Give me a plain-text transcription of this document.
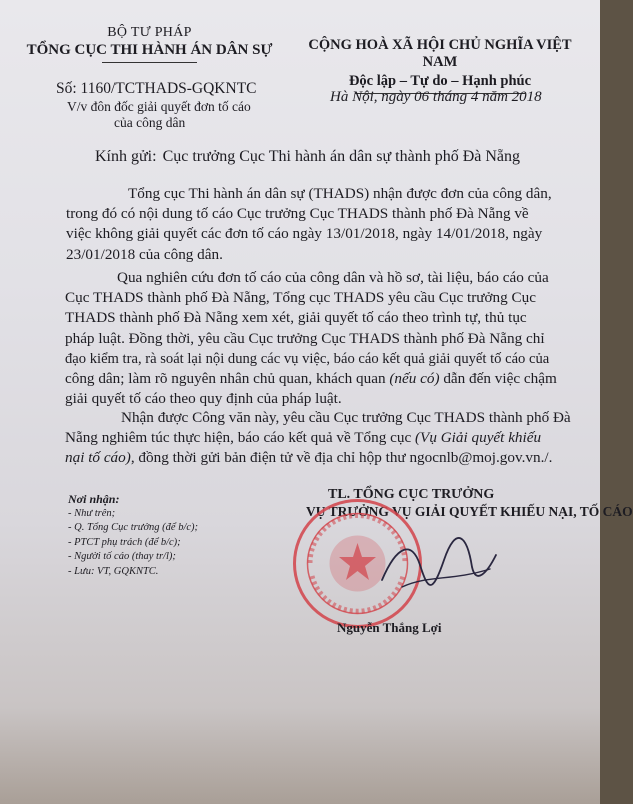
BỘ TƯ PHÁP
TỔNG CỤC THI HÀNH ÁN DÂN SỰ	CỘNG HOÀ XÃ HỘI CHỦ NGHĨA VIỆT NAM
Độc lập – Tự do – Hạnh phúc
Số: 1160/TCTHADS-GQKNTC
V/v đôn đốc giải quyết đơn tố cáo
của công dân
Hà Nội, ngày 06 tháng 4 năm 2018
Kính gửi: Cục trưởng Cục Thi hành án dân sự thành phố Đà Nẵng
Tổng cục Thi hành án dân sự (THADS) nhận được đơn của công dân,
trong đó có nội dung tố cáo Cục trưởng Cục THADS thành phố Đà Nẵng về
việc không giải quyết các đơn tố cáo ngày 13/01/2018, ngày 14/01/2018, ngày
23/01/2018 của công dân.
Qua nghiên cứu đơn tố cáo của công dân và hồ sơ, tài liệu, báo cáo của
Cục THADS thành phố Đà Nẵng, Tổng cục THADS yêu cầu Cục trưởng Cục
THADS thành phố Đà Nẵng xem xét, giải quyết tố cáo theo trình tự, thủ tục
pháp luật. Đồng thời, yêu cầu Cục trưởng Cục THADS thành phố Đà Nẵng chỉ
đạo kiểm tra, rà soát lại nội dung các vụ việc, báo cáo kết quả giải quyết tố cáo của
công dân; làm rõ nguyên nhân chủ quan, khách quan (nếu có) dẫn đến việc chậm
giải quyết tố cáo theo quy định của pháp luật.
Nhận được Công văn này, yêu cầu Cục trưởng Cục THADS thành phố Đà
Nẵng nghiêm túc thực hiện, báo cáo kết quả về Tổng cục (Vụ Giải quyết khiếu
nại tố cáo), đồng thời gửi bản điện tử về địa chỉ hộp thư ngocnlb@moj.gov.vn./.
Nơi nhận:
- Như trên;
- Q. Tổng Cục trưởng (để b/c);
- PTCT phụ trách (để b/c);
- Người tố cáo (thay tr/l);
- Lưu: VT, GQKNTC.
TL. TỔNG CỤC TRƯỞNG
VỤ TRƯỞNG VỤ GIẢI QUYẾT KHIẾU NẠI, TỐ CÁO
Nguyễn Thắng Lợi
